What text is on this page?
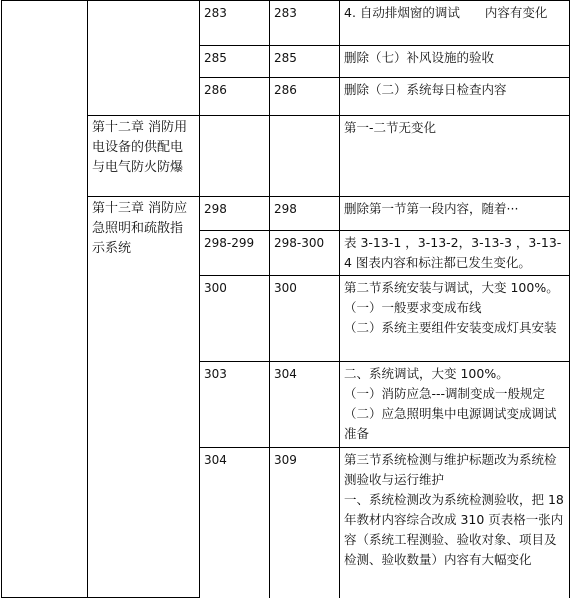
		283	283	4. 自动排烟窗的调试　　内容有变化

		285	285	删除（七）补风设施的验收

		286	286	删除（二）系统每日检查内容

	第十二章 消防用电设备的供配电与电气防火防爆			第一-二节无变化

	第十三章 消防应急照明和疏散指示系统	298	298	删除第一节第一段内容，随着···

		298-299	298-300	表 3-13-1 ，3-13-2，3-13-3 ，3-13-4 图表内容和标注都已发生变化。

		300	300	第二节系统安装与调试，大变 100%。
（一）一般要求变成布线
（二）系统主要组件安装变成灯具安装

		303	304	二、系统调试，大变 100%。
（一）消防应急---调制变成一般规定
（二）应急照明集中电源调试变成调试准备

		304	309	第三节系统检测与维护标题改为系统检测验收与运行维护
一、系统检测改为系统检测验收，把 18 年教材内容综合改成 310 页表格一张内容（系统工程测验、验收对象、项目及检测、验收数量）内容有大幅变化
